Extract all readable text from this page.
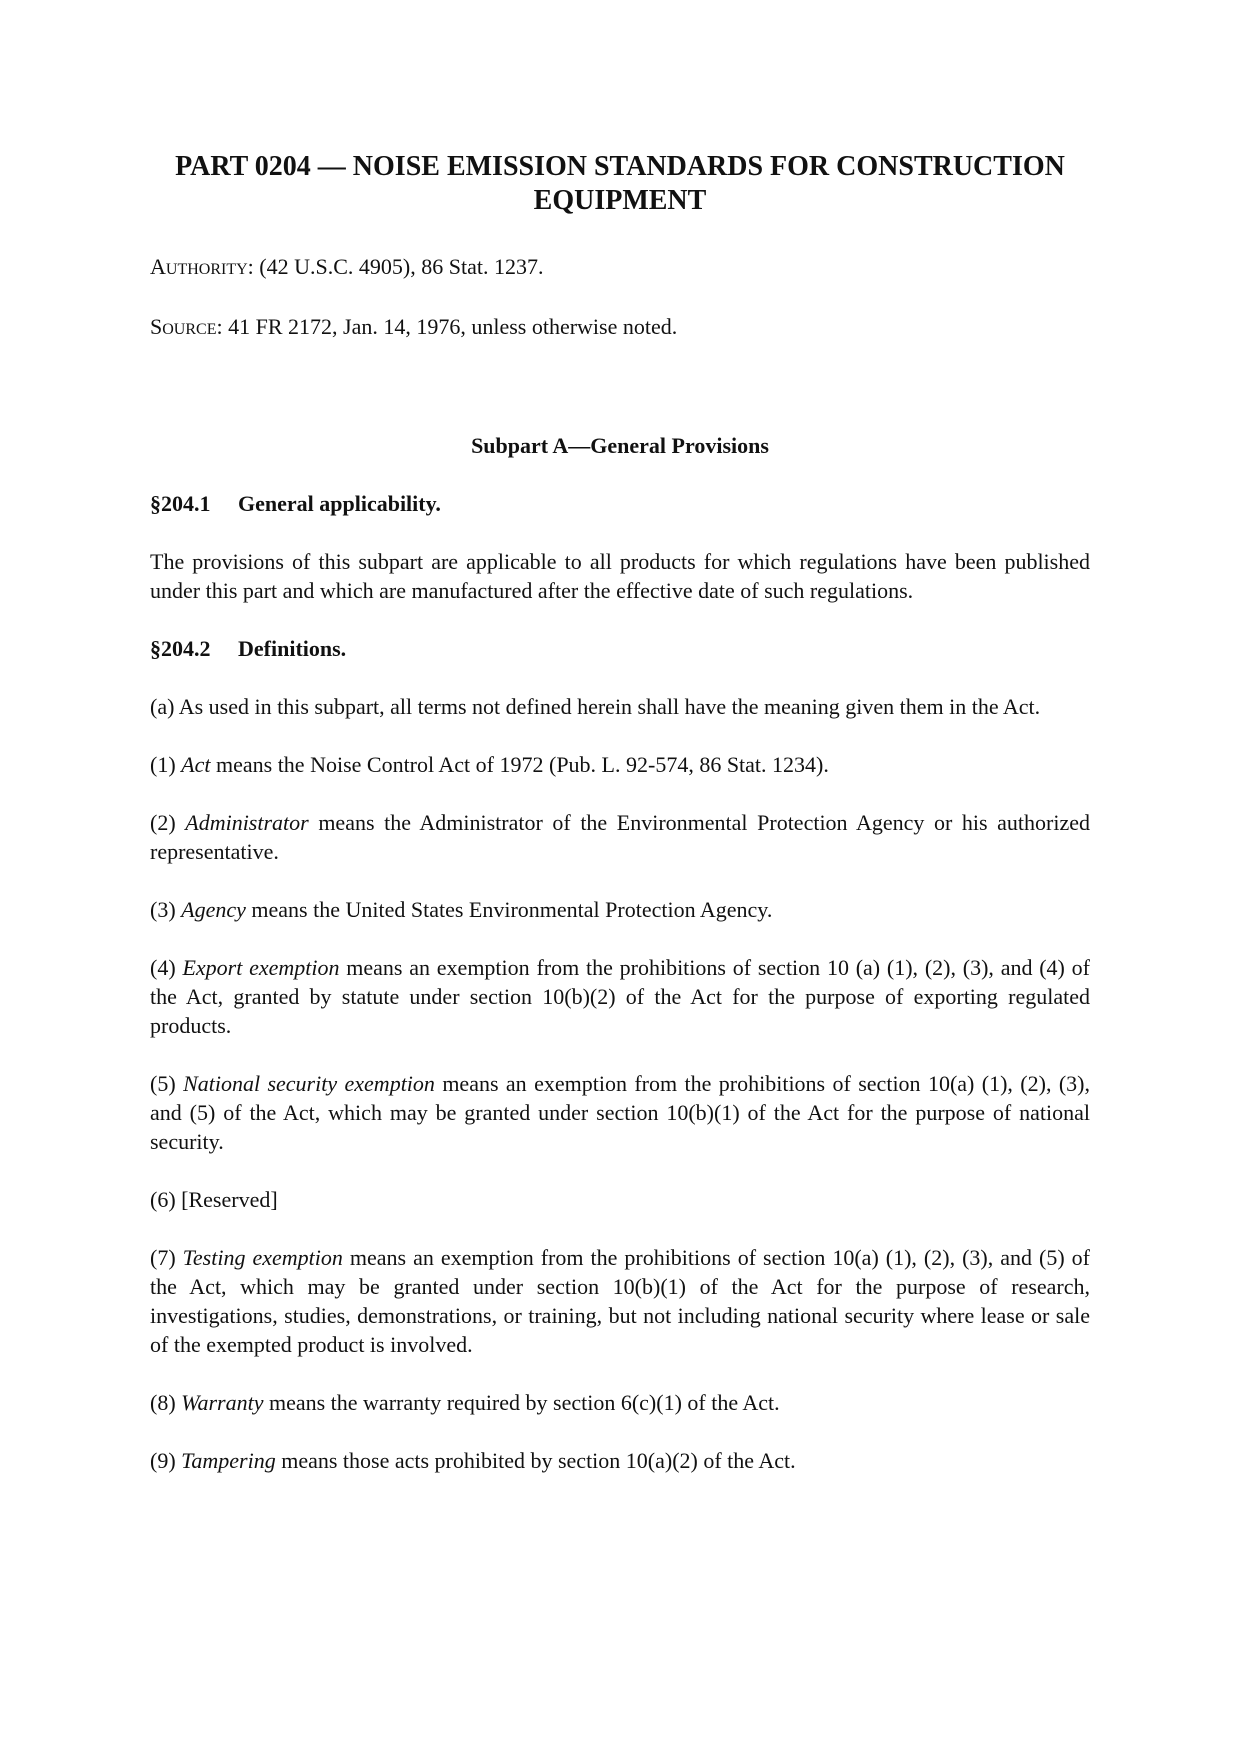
PART 0204 — NOISE EMISSION STANDARDS FOR CONSTRUCTION EQUIPMENT

AUTHORITY: (42 U.S.C. 4905), 86 Stat. 1237.

SOURCE: 41 FR 2172, Jan. 14, 1976, unless otherwise noted.

Subpart A—General Provisions
§204.1 General applicability.

The provisions of this subpart are applicable to all products for which regulations have been published under this part and which are manufactured after the effective date of such regulations.

§204.2 Definitions.

(a) As used in this subpart, all terms not defined herein shall have the meaning given them in the Act.

(1) Act means the Noise Control Act of 1972 (Pub. L. 92-574, 86 Stat. 1234).

(2) Administrator means the Administrator of the Environmental Protection Agency or his authorized representative.

(3) Agency means the United States Environmental Protection Agency.

(4) Export exemption means an exemption from the prohibitions of section 10 (a) (1), (2), (3), and (4) of the Act, granted by statute under section 10(b)(2) of the Act for the purpose of exporting regulated products.

(5) National security exemption means an exemption from the prohibitions of section 10(a) (1), (2), (3), and (5) of the Act, which may be granted under section 10(b)(1) of the Act for the purpose of national security.

(6) [Reserved]

(7) Testing exemption means an exemption from the prohibitions of section 10(a) (1), (2), (3), and (5) of the Act, which may be granted under section 10(b)(1) of the Act for the purpose of research, investigations, studies, demonstrations, or training, but not including national security where lease or sale of the exempted product is involved.

(8) Warranty means the warranty required by section 6(c)(1) of the Act.

(9) Tampering means those acts prohibited by section 10(a)(2) of the Act.
